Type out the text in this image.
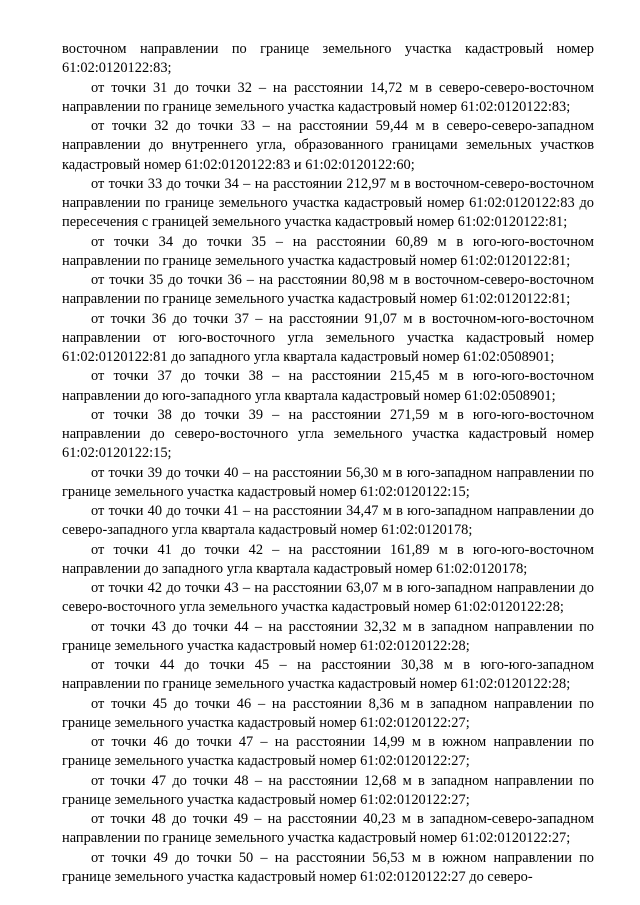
восточном направлении по границе земельного участка кадастровый номер 61:02:0120122:83;

от точки 31 до точки 32 – на расстоянии 14,72 м в северо-северо-восточном направлении по границе земельного участка кадастровый номер 61:02:0120122:83;

от точки 32 до точки 33 – на расстоянии 59,44 м в северо-северо-западном направлении до внутреннего угла, образованного границами земельных участков кадастровый номер 61:02:0120122:83 и 61:02:0120122:60;

от точки 33 до точки 34 – на расстоянии 212,97 м в восточном-северо-восточном направлении по границе земельного участка кадастровый номер 61:02:0120122:83 до пересечения с границей земельного участка кадастровый номер 61:02:0120122:81;

от точки 34 до точки 35 – на расстоянии 60,89 м в юго-юго-восточном направлении по границе земельного участка кадастровый номер 61:02:0120122:81;

от точки 35 до точки 36 – на расстоянии 80,98 м в восточном-северо-восточном направлении по границе земельного участка кадастровый номер 61:02:0120122:81;

от точки 36 до точки 37 – на расстоянии 91,07 м в восточном-юго-восточном направлении от юго-восточного угла земельного участка кадастровый номер 61:02:0120122:81 до западного угла квартала кадастровый номер 61:02:0508901;

от точки 37 до точки 38 – на расстоянии 215,45 м в юго-юго-восточном направлении до юго-западного угла квартала кадастровый номер 61:02:0508901;

от точки 38 до точки 39 – на расстоянии 271,59 м в юго-юго-восточном направлении до северо-восточного угла земельного участка кадастровый номер 61:02:0120122:15;

от точки 39 до точки 40 – на расстоянии 56,30 м в юго-западном направлении по границе земельного участка кадастровый номер 61:02:0120122:15;

от точки 40 до точки 41 – на расстоянии 34,47 м в юго-западном направлении до северо-западного угла квартала кадастровый номер 61:02:0120178;

от точки 41 до точки 42 – на расстоянии 161,89 м в юго-юго-восточном направлении до западного угла квартала кадастровый номер 61:02:0120178;

от точки 42 до точки 43 – на расстоянии 63,07 м в юго-западном направлении до северо-восточного угла земельного участка кадастровый номер 61:02:0120122:28;

от точки 43 до точки 44 – на расстоянии 32,32 м в западном направлении по границе земельного участка кадастровый номер 61:02:0120122:28;

от точки 44 до точки 45 – на расстоянии 30,38 м в юго-юго-западном направлении по границе земельного участка кадастровый номер 61:02:0120122:28;

от точки 45 до точки 46 – на расстоянии 8,36 м в западном направлении по границе земельного участка кадастровый номер 61:02:0120122:27;

от точки 46 до точки 47 – на расстоянии 14,99 м в южном направлении по границе земельного участка кадастровый номер 61:02:0120122:27;

от точки 47 до точки 48 – на расстоянии 12,68 м в западном направлении по границе земельного участка кадастровый номер 61:02:0120122:27;

от точки 48 до точки 49 – на расстоянии 40,23 м в западном-северо-западном направлении по границе земельного участка кадастровый номер 61:02:0120122:27;

от точки 49 до точки 50 – на расстоянии 56,53 м в южном направлении по границе земельного участка кадастровый номер 61:02:0120122:27 до северо-
